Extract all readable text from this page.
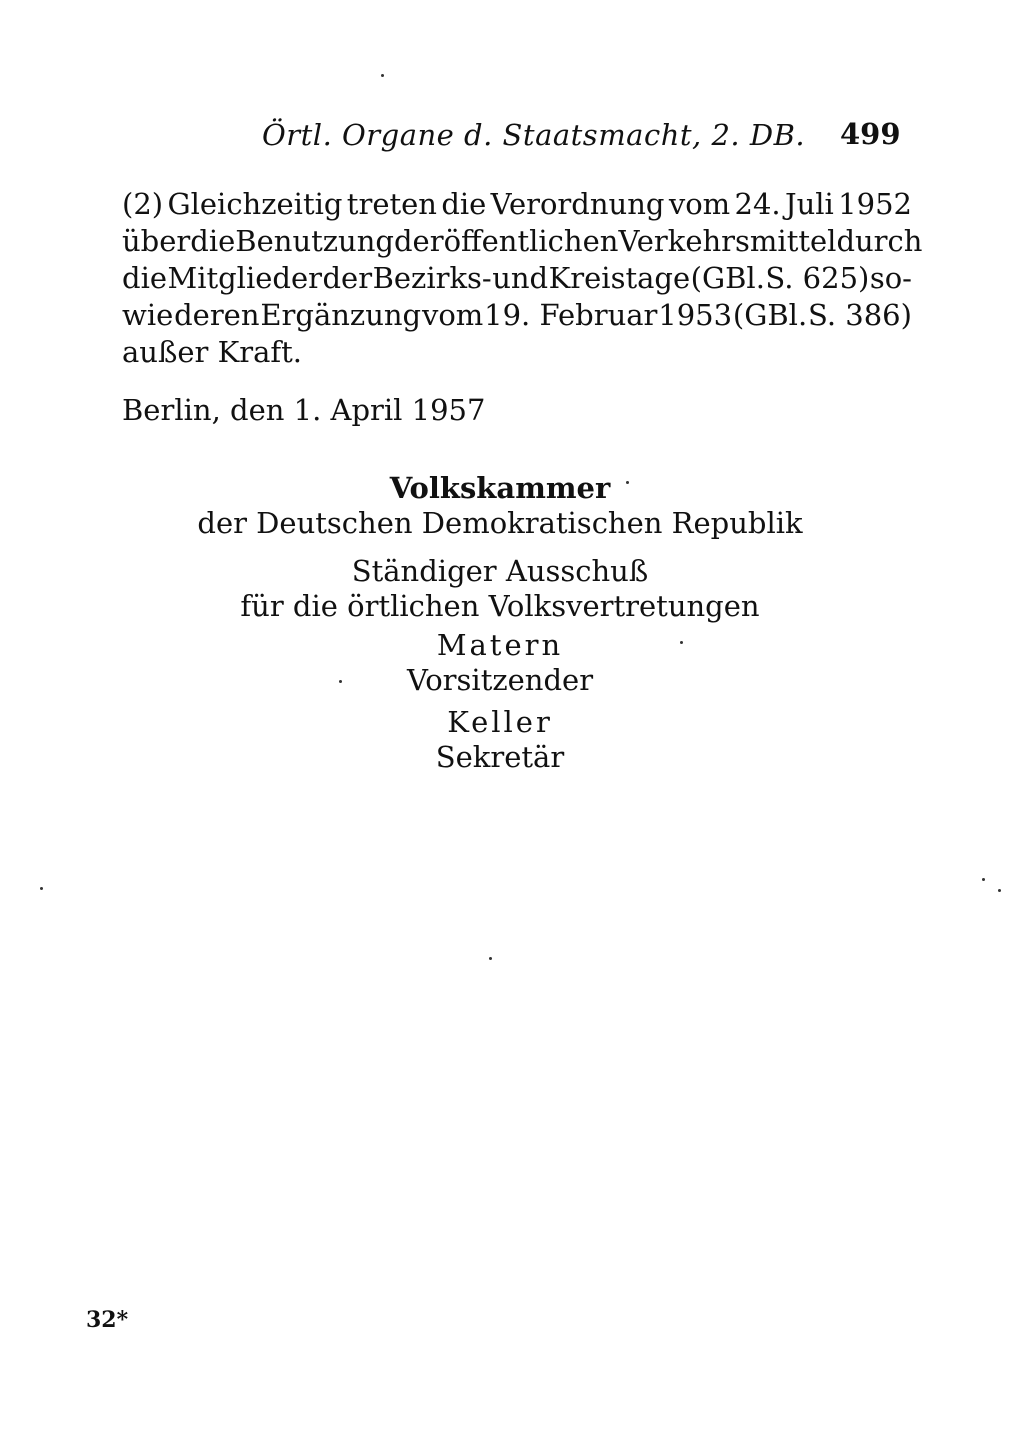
Örtl. Organe d. Staatsmacht, 2. DB. 499
(2) Gleichzeitig treten die Verordnung vom 24. Juli 1952
über die Benutzung der öffentlichen Verkehrsmittel durch
die Mitglieder der Bezirks- und Kreistage (GBl. S. 625) so-
wie deren Ergänzung vom 19. Februar 1953 (GBl. S. 386)
außer Kraft.
Berlin, den 1. April 1957
Volkskammer
der Deutschen Demokratischen Republik
Ständiger Ausschuß
für die örtlichen Volksvertretungen
Matern
Vorsitzender
Keller
Sekretär
32*
